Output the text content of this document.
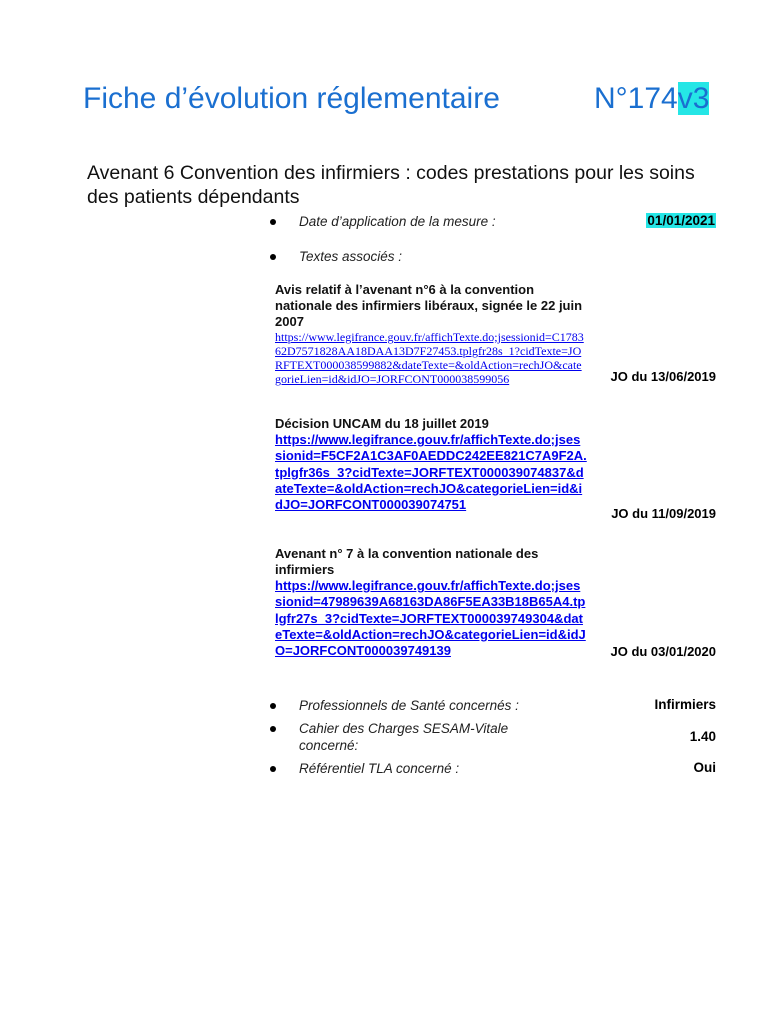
Fiche d’évolution réglementaire	N°174v3
Avenant 6 Convention des infirmiers : codes prestations pour les soins des patients dépendants
Date d’application de la mesure :	01/01/2021
Textes associés :
Avis relatif à l’avenant n°6 à la convention nationale des infirmiers libéraux, signée le 22 juin 2007
https://www.legifrance.gouv.fr/affichTexte.do;jsessionid=C178362D7571828AA18DAA13D7F27453.tplgfr28s_1?cidTexte=JORFTEXT000038599882&dateTexte=&oldAction=rechJO&categorieLien=id&idJO=JORFCONT000038599056	JO du 13/06/2019
Décision UNCAM du 18 juillet 2019
https://www.legifrance.gouv.fr/affichTexte.do;jsessionid=F5CF2A1C3AF0AEDDC242EE821C7A9F2A.tplgfr36s_3?cidTexte=JORFTEXT000039074837&dateTexte=&oldAction=rechJO&categorieLien=id&idJO=JORFCONT000039074751
JO du 11/09/2019
Avenant n° 7 à la convention nationale des infirmiers
https://www.legifrance.gouv.fr/affichTexte.do;jsessionid=47989639A68163DA86F5EA33B18B65A4.tplgfr27s_3?cidTexte=JORFTEXT000039749304&dateTexte=&oldAction=rechJO&categorieLien=id&idJO=JORFCONT000039749139	JO du 03/01/2020
Professionnels de Santé concernés :	Infirmiers
Cahier des Charges SESAM-Vitale concerné:
1.40
Référentiel TLA concerné :	Oui
